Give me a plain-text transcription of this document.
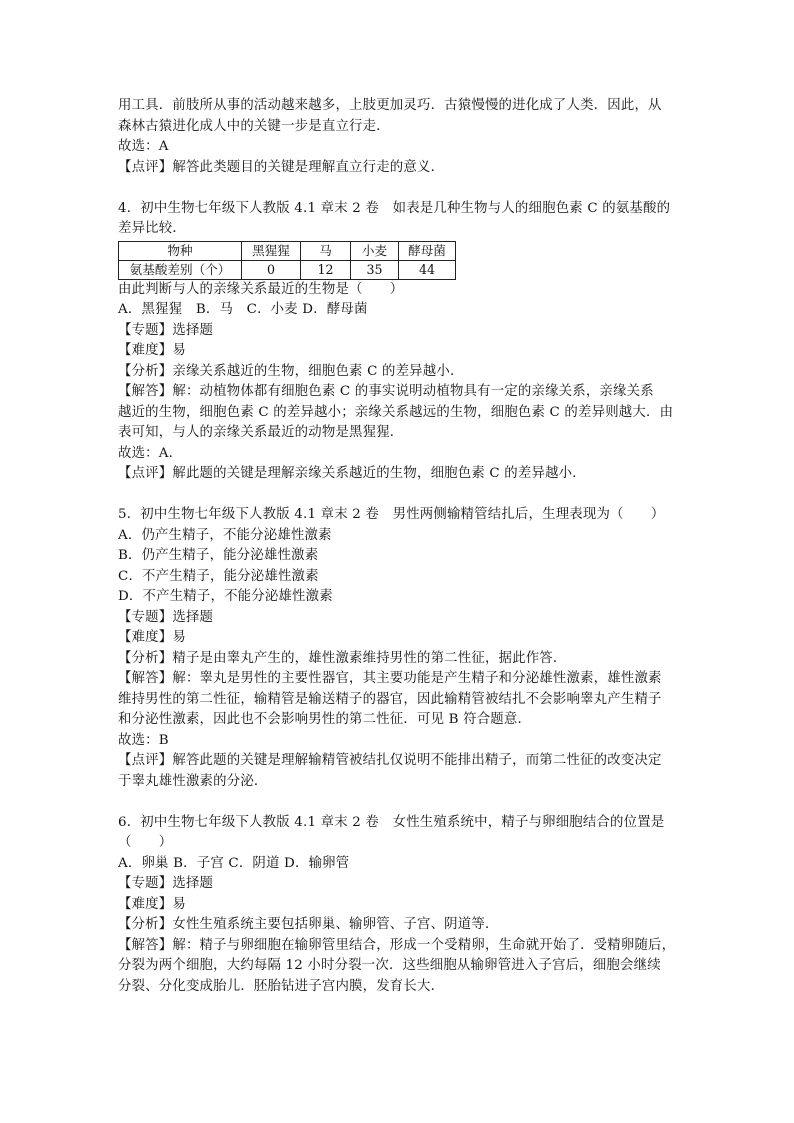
用工具．前肢所从事的活动越来越多，上肢更加灵巧．古猿慢慢的进化成了人类．因此，从
森林古猿进化成人中的关键一步是直立行走．
故选：A
【点评】解答此类题目的关键是理解直立行走的意义．
4．初中生物七年级下人教版 4.1 章末 2 卷　如表是几种生物与人的细胞色素 C 的氨基酸的
差异比较．
物种	黑猩猩	马	小麦	酵母菌
氨基酸差别（个）	0	12	35	44
由此判断与人的亲缘关系最近的生物是（　　）
A．黑猩猩　B．马　C．小麦 D．酵母菌
【专题】选择题
【难度】易
【分析】亲缘关系越近的生物，细胞色素 C 的差异越小．
【解答】解：动植物体都有细胞色素 C 的事实说明动植物具有一定的亲缘关系，亲缘关系
越近的生物，细胞色素 C 的差异越小；亲缘关系越远的生物，细胞色素 C 的差异则越大．由
表可知，与人的亲缘关系最近的动物是黑猩猩．
故选：A．
【点评】解此题的关键是理解亲缘关系越近的生物，细胞色素 C 的差异越小．
5．初中生物七年级下人教版 4.1 章末 2 卷　男性两侧输精管结扎后，生理表现为（　　）
A．仍产生精子，不能分泌雄性激素
B．仍产生精子，能分泌雄性激素
C．不产生精子，能分泌雄性激素
D．不产生精子，不能分泌雄性激素
【专题】选择题
【难度】易
【分析】精子是由睾丸产生的，雄性激素维持男性的第二性征，据此作答．
【解答】解：睾丸是男性的主要性器官，其主要功能是产生精子和分泌雄性激素，雄性激素
维持男性的第二性征，输精管是输送精子的器官，因此输精管被结扎不会影响睾丸产生精子
和分泌性激素，因此也不会影响男性的第二性征．可见 B 符合题意．
故选：B
【点评】解答此题的关键是理解输精管被结扎仅说明不能排出精子，而第二性征的改变决定
于睾丸雄性激素的分泌．
6．初中生物七年级下人教版 4.1 章末 2 卷　女性生殖系统中，精子与卵细胞结合的位置是
（　　）
A．卵巢 B．子宫 C．阴道 D．输卵管
【专题】选择题
【难度】易
【分析】女性生殖系统主要包括卵巢、输卵管、子宫、阴道等．
【解答】解：精子与卵细胞在输卵管里结合，形成一个受精卵，生命就开始了．受精卵随后，
分裂为两个细胞，大约每隔 12 小时分裂一次．这些细胞从输卵管进入子宫后，细胞会继续
分裂、分化变成胎儿．胚胎钻进子宫内膜，发育长大．
